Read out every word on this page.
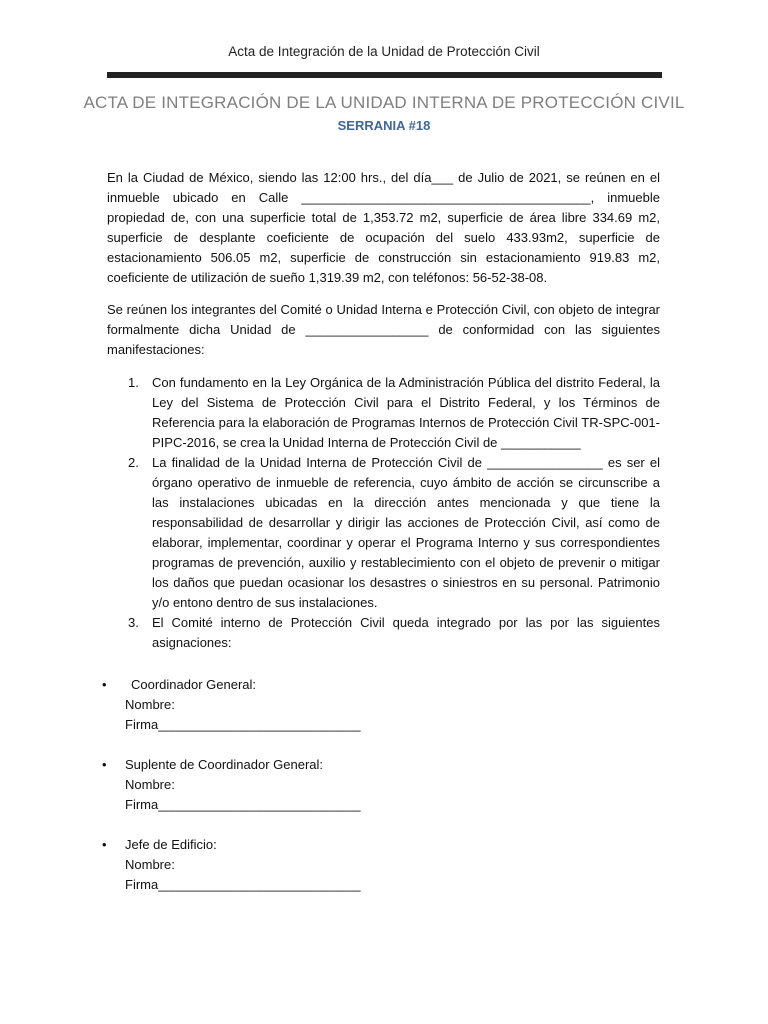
Acta de Integración de la Unidad de Protección Civil
ACTA DE INTEGRACIÓN DE LA UNIDAD INTERNA DE PROTECCIÓN CIVIL
SERRANIA #18

En la Ciudad de México, siendo las 12:00 hrs., del día___ de Julio de 2021, se reúnen en el inmueble ubicado en Calle ________________________________________, inmueble propiedad de, con una superficie total de 1,353.72 m2, superficie de área libre 334.69 m2, superficie de desplante coeficiente de ocupación del suelo 433.93m2, superficie de estacionamiento 506.05 m2, superficie de construcción sin estacionamiento 919.83 m2, coeficiente de utilización de sueño 1,319.39 m2, con teléfonos: 56-52-38-08.

Se reúnen los integrantes del Comité o Unidad Interna e Protección Civil, con objeto de integrar formalmente dicha Unidad de _________________ de conformidad con las siguientes manifestaciones:

1. Con fundamento en la Ley Orgánica de la Administración Pública del distrito Federal, la Ley del Sistema de Protección Civil para el Distrito Federal, y los Términos de Referencia para la elaboración de Programas Internos de Protección Civil TR-SPC-001-PIPC-2016, se crea la Unidad Interna de Protección Civil de ___________
2. La finalidad de la Unidad Interna de Protección Civil de ________________ es ser el órgano operativo de inmueble de referencia, cuyo ámbito de acción se circunscribe a las instalaciones ubicadas en la dirección antes mencionada y que tiene la responsabilidad de desarrollar y dirigir las acciones de Protección Civil, así como de elaborar, implementar, coordinar y operar el Programa Interno y sus correspondientes programas de prevención, auxilio y restablecimiento con el objeto de prevenir o mitigar los daños que puedan ocasionar los desastres o siniestros en su personal. Patrimonio y/o entono dentro de sus instalaciones.
3. El Comité interno de Protección Civil queda integrado por las por las siguientes asignaciones:
•	Coordinador General:
Nombre:
Firma____________________________
•	Suplente de Coordinador General:
Nombre:
Firma____________________________
•	Jefe de Edificio:
Nombre:
Firma____________________________
